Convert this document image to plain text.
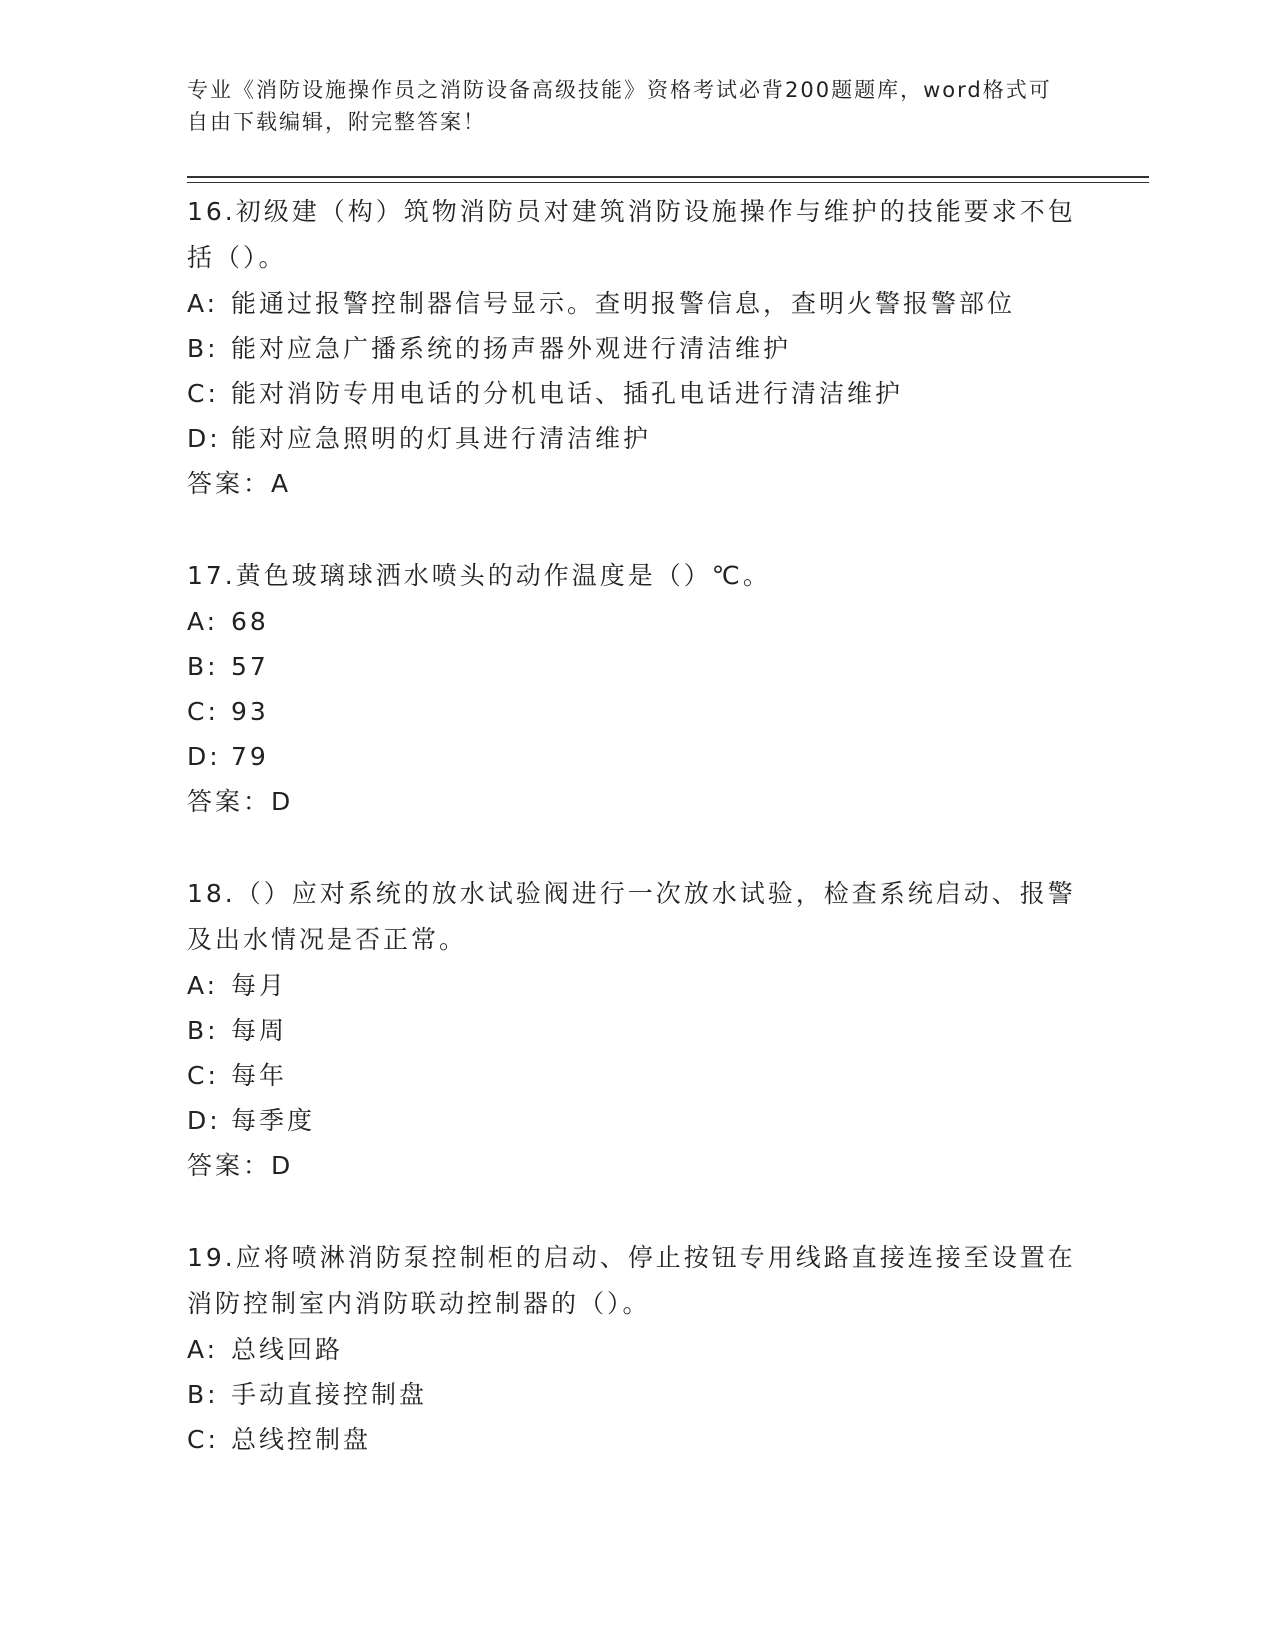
专业《消防设施操作员之消防设备高级技能》资格考试必背200题题库，word格式可自由下载编辑，附完整答案！

16.初级建（构）筑物消防员对建筑消防设施操作与维护的技能要求不包括（）。

A: 能通过报警控制器信号显示。查明报警信息，查明火警报警部位

B: 能对应急广播系统的扬声器外观进行清洁维护

C: 能对消防专用电话的分机电话、插孔电话进行清洁维护

D: 能对应急照明的灯具进行清洁维护

答案：A

17.黄色玻璃球洒水喷头的动作温度是（）℃。

A: 68

B: 57

C: 93

D: 79

答案：D

18.（）应对系统的放水试验阀进行一次放水试验，检查系统启动、报警及出水情况是否正常。

A: 每月

B: 每周

C: 每年

D: 每季度

答案：D

19.应将喷淋消防泵控制柜的启动、停止按钮专用线路直接连接至设置在消防控制室内消防联动控制器的（）。

A: 总线回路

B: 手动直接控制盘

C: 总线控制盘
